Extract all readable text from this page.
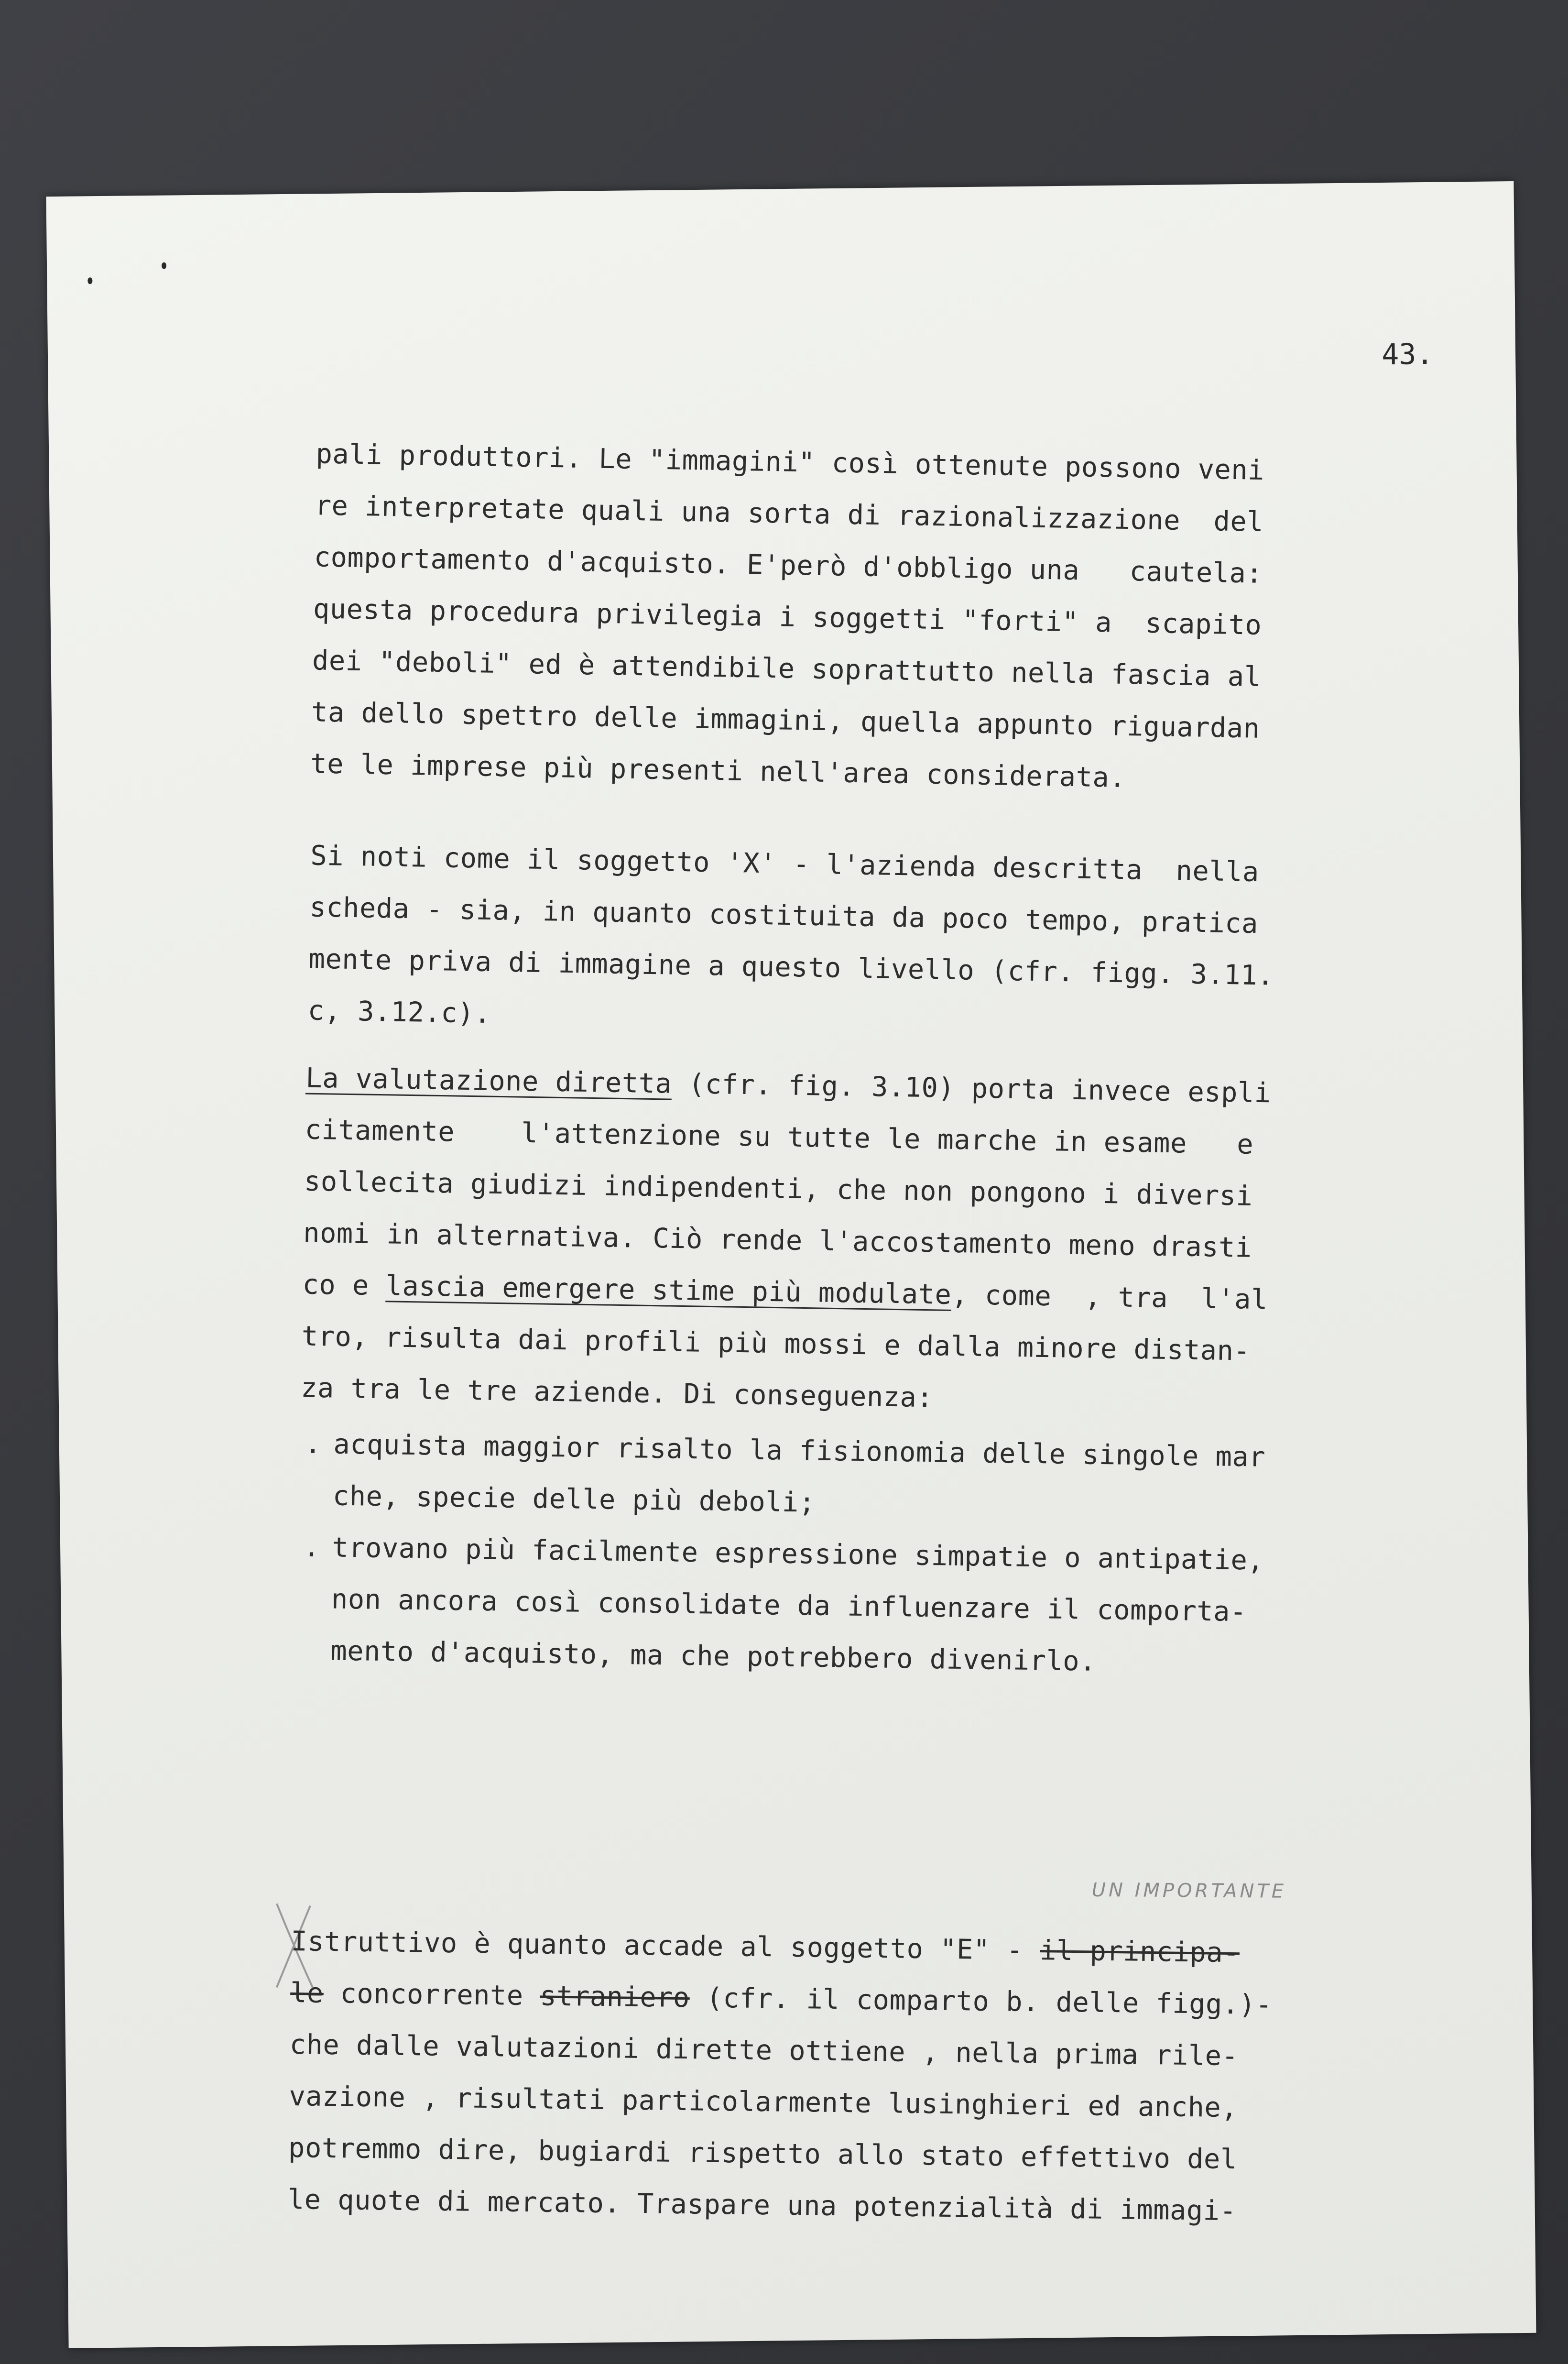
43.

pali produttori. Le "immagini" così ottenute possono veni
re interpretate quali una sorta di razionalizzazione  del
comportamento d'acquisto. E'però d'obbligo una   cautela:
questa procedura privilegia i soggetti "forti" a  scapito
dei "deboli" ed è attendibile soprattutto nella fascia al
ta dello spettro delle immagini, quella appunto riguardan
te le imprese più presenti nell'area considerata.
Si noti come il soggetto 'X' - l'azienda descritta  nella
scheda - sia, in quanto costituita da poco tempo, pratica
mente priva di immagine a questo livello (cfr. figg. 3.11.
c, 3.12.c).
La valutazione diretta (cfr. fig. 3.10) porta invece espli
citamente    l'attenzione su tutte le marche in esame   e
sollecita giudizi indipendenti, che non pongono i diversi
nomi in alternativa. Ciò rende l'accostamento meno drasti
co e lascia emergere stime più modulate, come  , tra  l'al
tro, risulta dai profili più mossi e dalla minore distan-
za tra le tre aziende. Di conseguenza:
. acquista maggior risalto la fisionomia delle singole mar
che, specie delle più deboli;
. trovano più facilmente espressione simpatie o antipatie,
non ancora così consolidate da influenzare il comporta-
mento d'acquisto, ma che potrebbero divenirlo.
UN IMPORTANTE
Istruttivo è quanto accade al soggetto "E" - il principa-
le concorrente straniero (cfr. il comparto b. delle figg.)-
che dalle valutazioni dirette ottiene , nella prima rile-
vazione , risultati particolarmente lusinghieri ed anche,
potremmo dire, bugiardi rispetto allo stato effettivo del
le quote di mercato. Traspare una potenzialità di immagi-
